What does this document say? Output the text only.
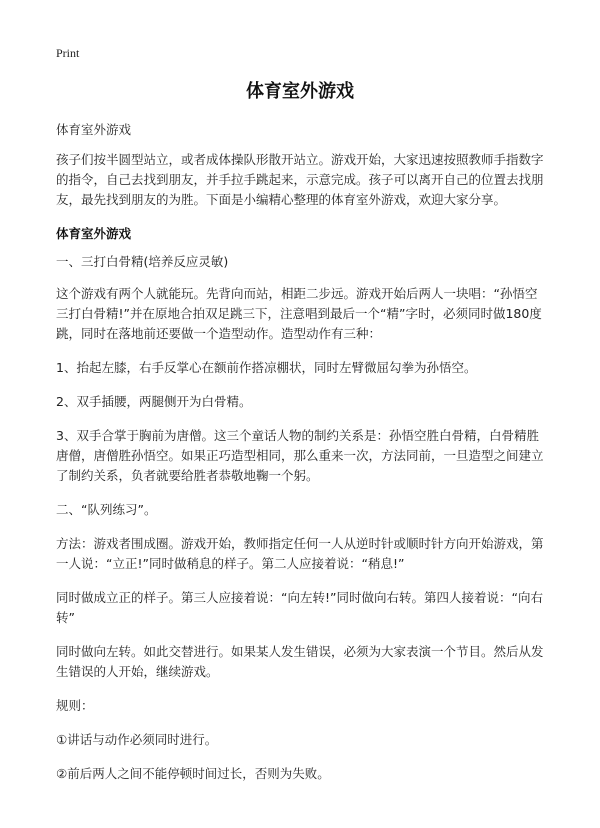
Print
体育室外游戏

体育室外游戏

孩子们按半圆型站立，或者成体操队形散开站立。游戏开始，大家迅速按照教师手指数字的指令，自己去找到朋友，并手拉手跳起来，示意完成。孩子可以离开自己的位置去找朋友，最先找到朋友的为胜。下面是小编精心整理的体育室外游戏，欢迎大家分享。

体育室外游戏

一、三打白骨精(培养反应灵敏)

这个游戏有两个人就能玩。先背向而站，相距二步远。游戏开始后两人一块唱：“孙悟空三打白骨精!”并在原地合拍双足跳三下，注意唱到最后一个“精”字时，必须同时做180度跳，同时在落地前还要做一个造型动作。造型动作有三种：

1、抬起左膝，右手反掌心在额前作搭凉棚状，同时左臂微屈勾拳为孙悟空。

2、双手插腰，两腿侧开为白骨精。

3、双手合掌于胸前为唐僧。这三个童话人物的制约关系是：孙悟空胜白骨精，白骨精胜唐僧，唐僧胜孙悟空。如果正巧造型相同，那么重来一次，方法同前，一旦造型之间建立了制约关系，负者就要给胜者恭敬地鞠一个躬。

二、“队列练习”。

方法：游戏者围成圈。游戏开始，教师指定任何一人从逆时针或顺时针方向开始游戏，第一人说：“立正!”同时做稍息的样子。第二人应接着说：“稍息!”

同时做成立正的样子。第三人应接着说：“向左转!”同时做向右转。第四人接着说：“向右转”

同时做向左转。如此交替进行。如果某人发生错误，必须为大家表演一个节目。然后从发生错误的人开始，继续游戏。

规则：

①讲话与动作必须同时进行。

②前后两人之间不能停顿时间过长，否则为失败。
